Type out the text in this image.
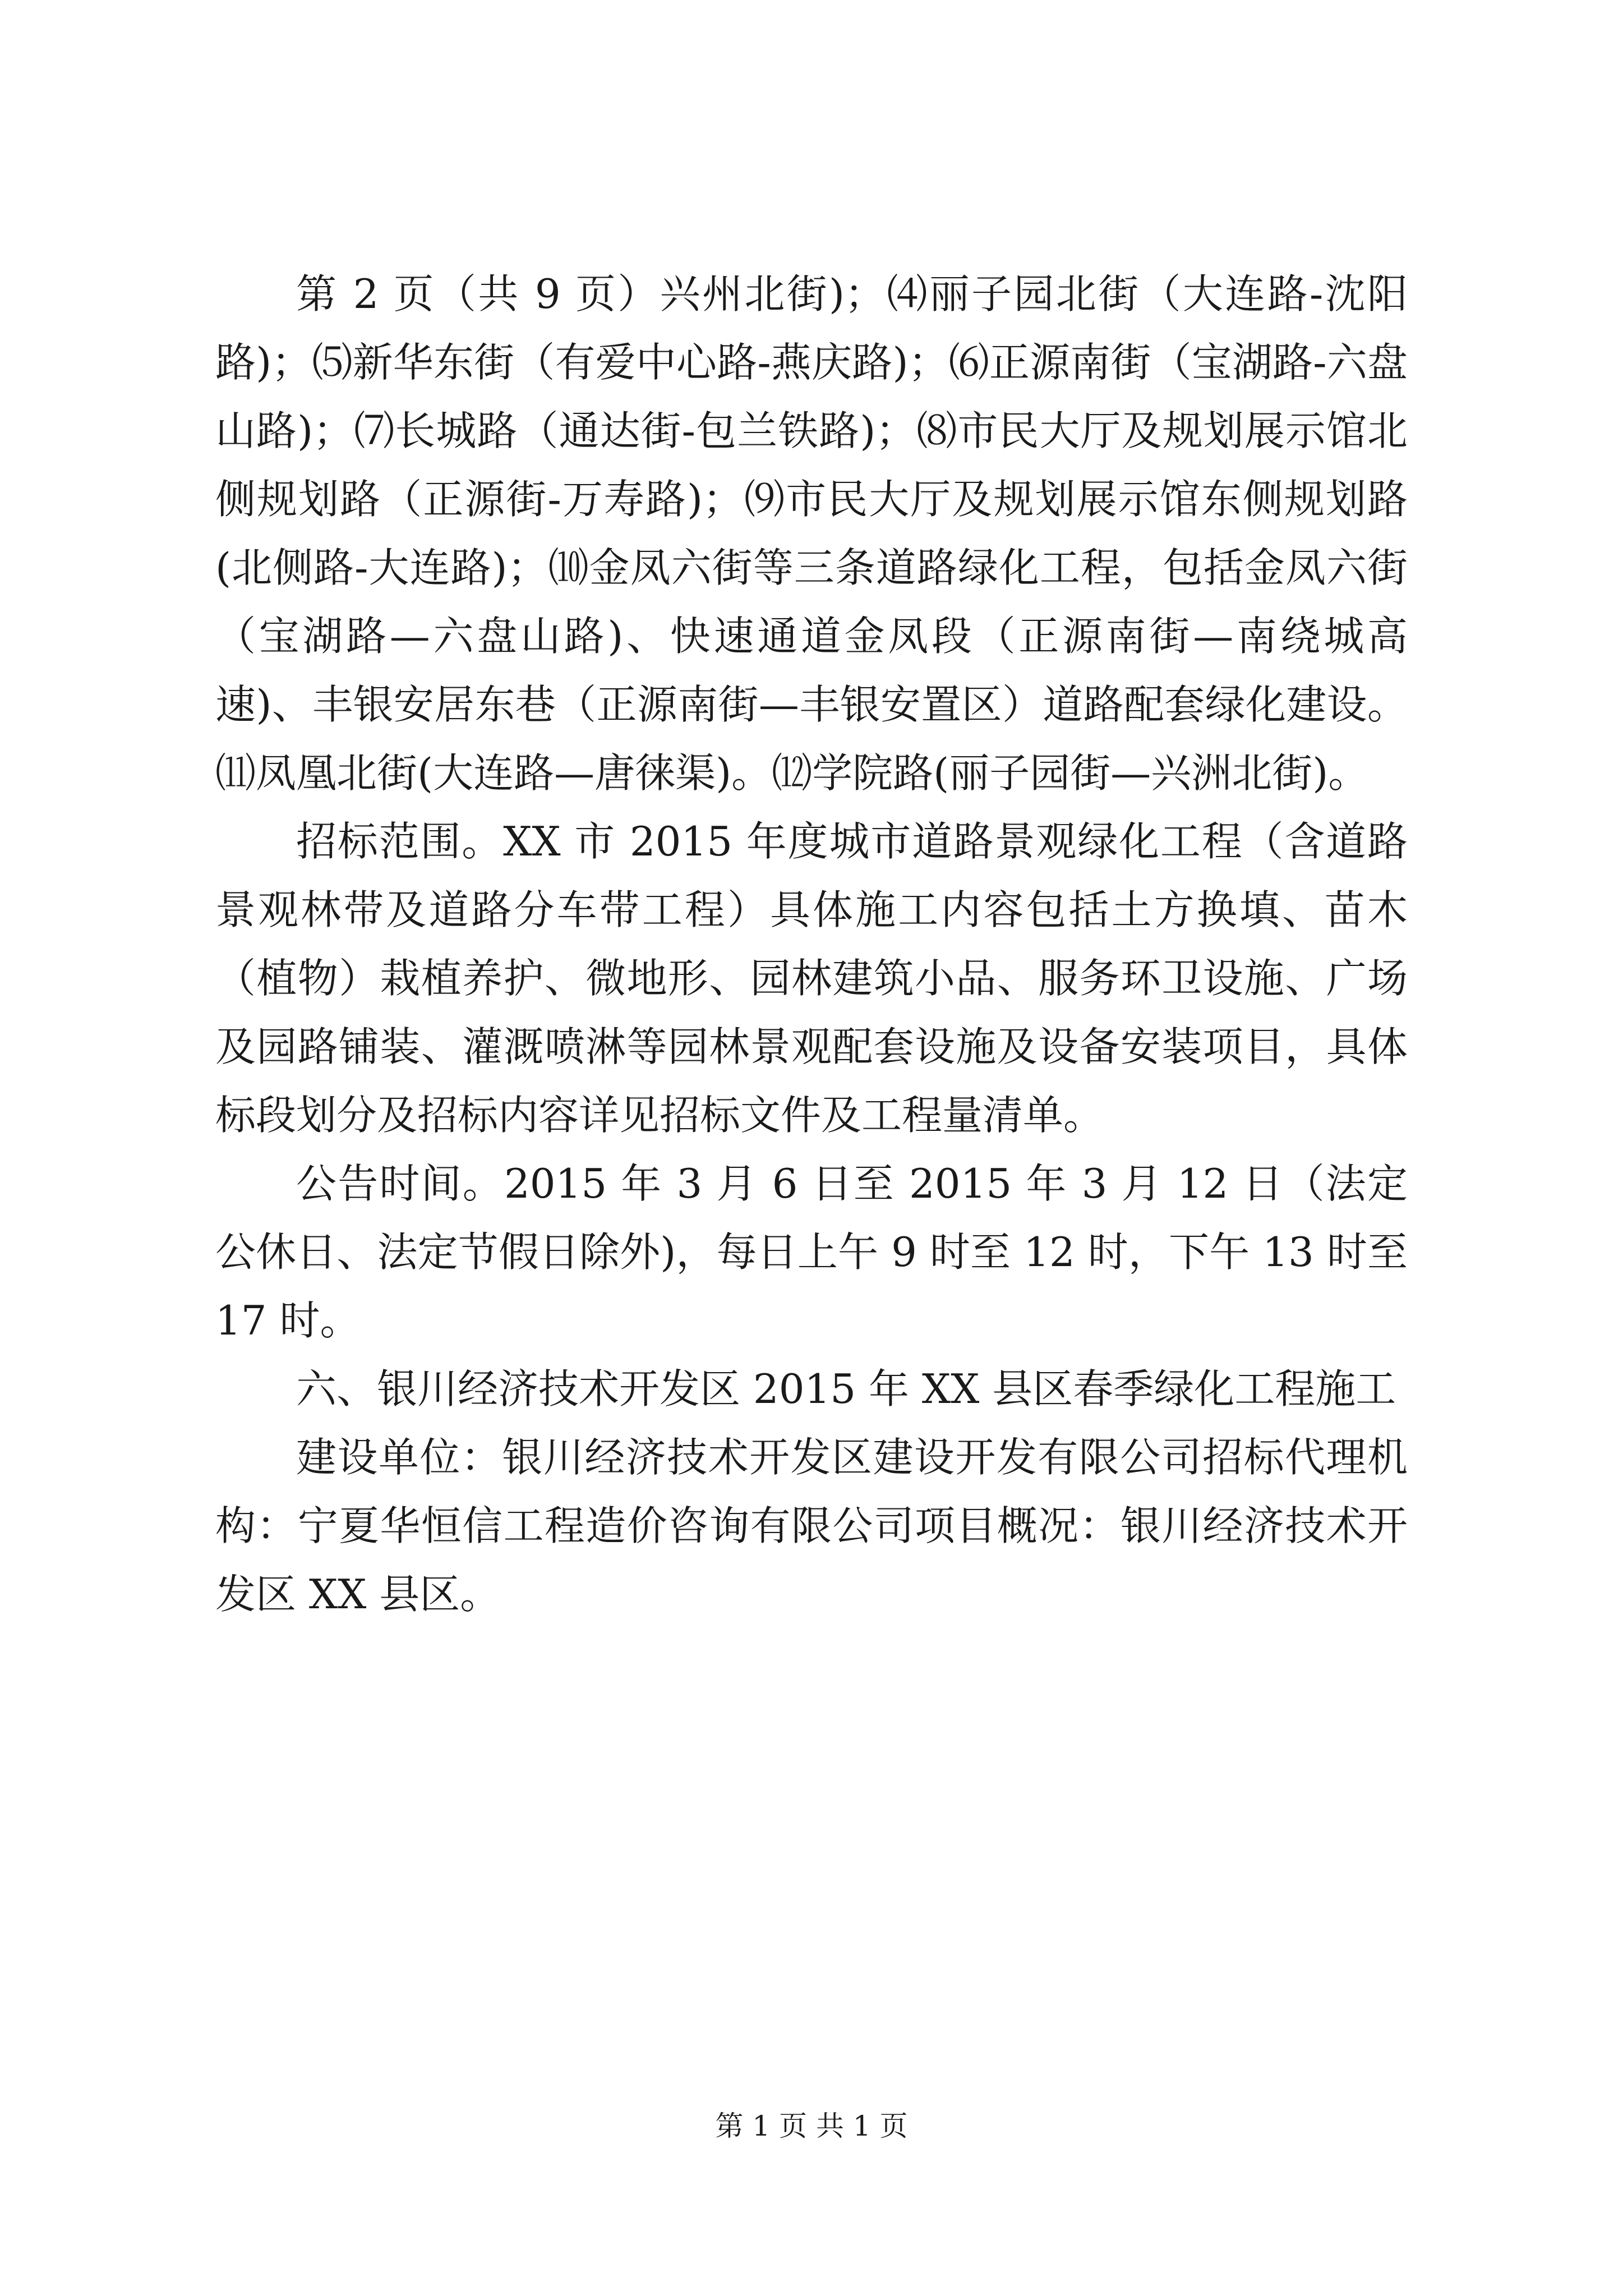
第 2 页（共 9 页）兴州北街)；⑷丽子园北街（大连路-沈阳路)；⑸新华东街（有爱中心路-燕庆路)；⑹正源南街（宝湖路-六盘山路)；⑺长城路（通达街-包兰铁路)；⑻市民大厅及规划展示馆北侧规划路（正源街-万寿路)；⑼市民大厅及规划展示馆东侧规划路(北侧路-大连路)；⑽金凤六街等三条道路绿化工程，包括金凤六街（宝湖路—六盘山路)、快速通道金凤段（正源南街—南绕城高速)、丰银安居东巷（正源南街—丰银安置区）道路配套绿化建设。⑾凤凰北街(大连路—唐徕渠)。⑿学院路(丽子园街—兴洲北街)。

招标范围。XX 市 2015 年度城市道路景观绿化工程（含道路景观林带及道路分车带工程）具体施工内容包括土方换填、苗木（植物）栽植养护、微地形、园林建筑小品、服务环卫设施、广场及园路铺装、灌溉喷淋等园林景观配套设施及设备安装项目，具体标段划分及招标内容详见招标文件及工程量清单。

公告时间。2015 年 3 月 6 日至 2015 年 3 月 12 日（法定公休日、法定节假日除外)，每日上午 9 时至 12 时，下午 13 时至 17 时。

六、银川经济技术开发区 2015 年 XX 县区春季绿化工程施工

建设单位：银川经济技术开发区建设开发有限公司招标代理机构：宁夏华恒信工程造价咨询有限公司项目概况：银川经济技术开发区 XX 县区。

第 1 页 共 1 页
